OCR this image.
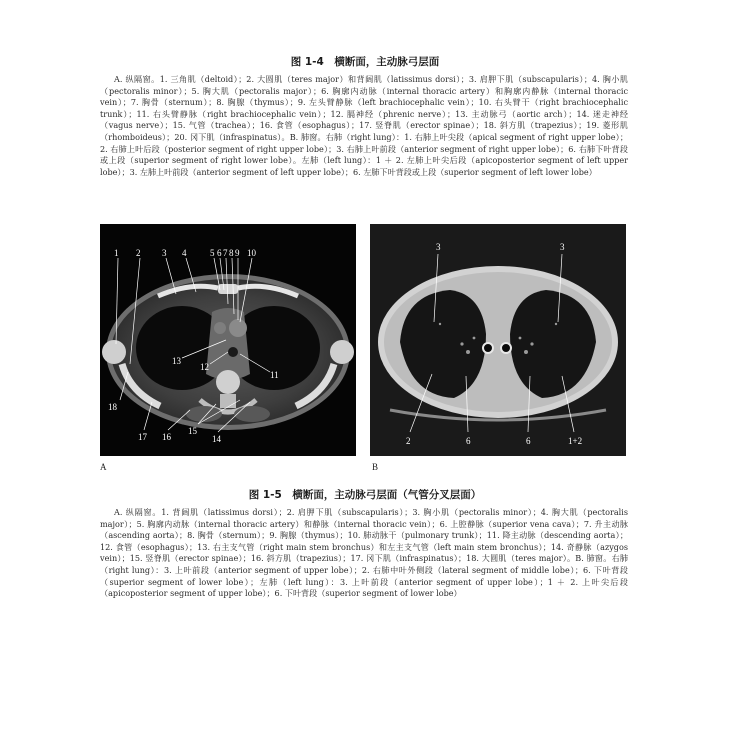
图 1-4　横断面，主动脉弓层面

A. 纵隔窗。1. 三角肌（deltoid）；2. 大圆肌（teres major）和背阔肌（latissimus dorsi）；3. 肩胛下肌（subscapularis）；4. 胸小肌（pectoralis minor）；5. 胸大肌（pectoralis major）；6. 胸廓内动脉（internal thoracic artery）和胸廓内静脉（internal thoracic vein）；7. 胸骨（sternum）；8. 胸腺（thymus）；9. 左头臂静脉（left brachiocephalic vein）；10. 右头臂干（right brachiocephalic trunk）；11. 右头臂静脉（right brachiocephalic vein）；12. 膈神经（phrenic nerve）；13. 主动脉弓（aortic arch）；14. 迷走神经（vagus nerve）；15. 气管（trachea）；16. 食管（esophagus）；17. 竖脊肌（erector spinae）；18. 斜方肌（trapezius）；19. 菱形肌（rhomboideus）；20. 冈下肌（infraspinatus）。B. 肺窗。右肺（right lung）：1. 右肺上叶尖段（apical segment of right upper lobe）；2. 右肺上叶后段（posterior segment of right upper lobe）；3. 右肺上叶前段（anterior segment of right upper lobe）；6. 右肺下叶背段或上段（superior segment of right lower lobe）。左肺（left lung）：1 ＋ 2. 左肺上叶尖后段（apicoposterior segment of left upper lobe）；3. 左肺上叶前段（anterior segment of left upper lobe）；6. 左肺下叶背段或上段（superior segment of left lower lobe）

1 2 3 4	5 6 7 8 9 10
13
12
11
18
17 16
15
14
A
3	3
2	6	6	1+2
B
图 1-5　横断面，主动脉弓层面（气管分叉层面）

A. 纵隔窗。1. 背阔肌（latissimus dorsi）；2. 肩胛下肌（subscapularis）；3. 胸小肌（pectoralis minor）；4. 胸大肌（pectoralis major）；5. 胸廓内动脉（internal thoracic artery）和静脉（internal thoracic vein）；6. 上腔静脉（superior vena cava）；7. 升主动脉（ascending aorta）；8. 胸骨（sternum）；9. 胸腺（thymus）；10. 肺动脉干（pulmonary trunk）；11. 降主动脉（descending aorta）；12. 食管（esophagus）；13. 右主支气管（right main stem bronchus）和左主支气管（left main stem bronchus）；14. 奇静脉（azygos vein）；15. 竖脊肌（erector spinae）；16. 斜方肌（trapezius）；17. 冈下肌（infraspinatus）；18. 大圆肌（teres major）。B. 肺窗。右肺（right lung）：3. 上叶前段（anterior segment of upper lobe）；2. 右肺中叶外侧段（lateral segment of middle lobe）；6. 下叶背段（superior segment of lower lobe）；左肺（left lung）：3. 上叶前段（anterior segment of upper lobe）；1 ＋ 2. 上叶尖后段（apicoposterior segment of upper lobe）；6. 下叶背段（superior segment of lower lobe）
